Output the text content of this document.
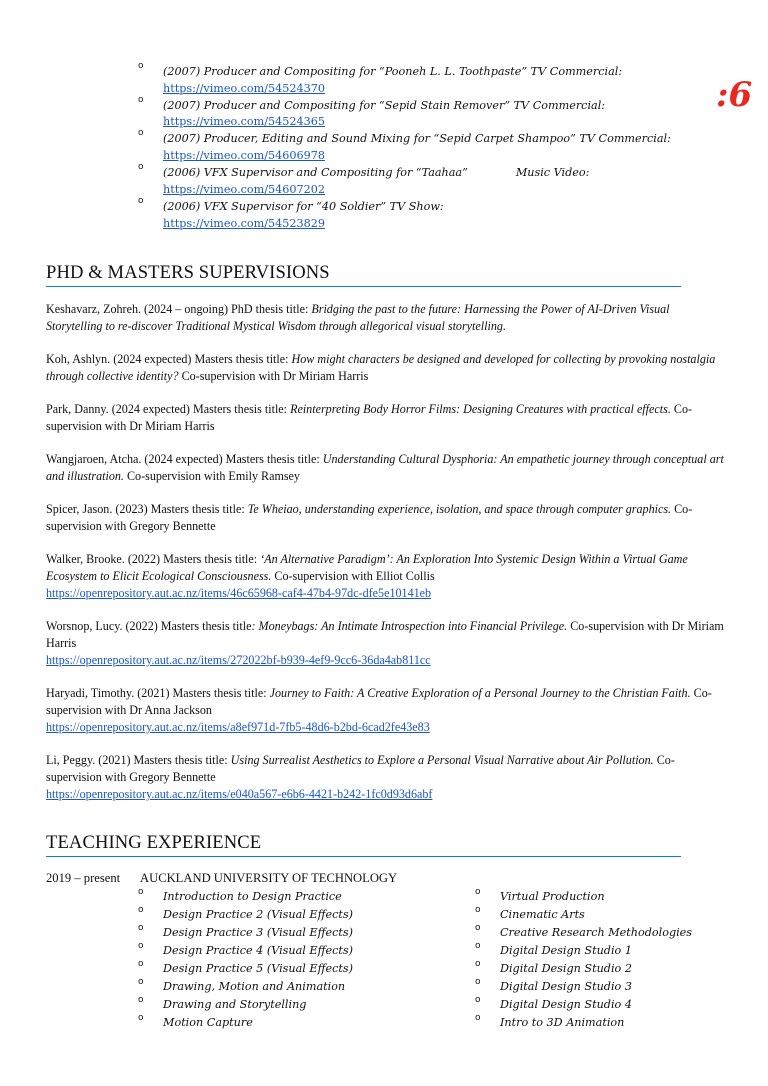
:6
o (2007) Producer and Compositing for “Pooneh L. L. Toothpaste” TV Commercial:
https://vimeo.com/54524370
o (2007) Producer and Compositing for “Sepid Stain Remover” TV Commercial:
https://vimeo.com/54524365
o (2007) Producer, Editing and Sound Mixing for “Sepid Carpet Shampoo” TV Commercial:
https://vimeo.com/54606978
o (2006) VFX Supervisor and Compositing for “Taahaa”	Music Video:
https://vimeo.com/54607202
o (2006) VFX Supervisor for “40 Soldier” TV Show:
https://vimeo.com/54523829
PHD & MASTERS SUPERVISIONS
Keshavarz, Zohreh. (2024 – ongoing) PhD thesis title: Bridging the past to the future: Harnessing the Power of AI-Driven Visual Storytelling to re-discover Traditional Mystical Wisdom through allegorical visual storytelling.
Koh, Ashlyn. (2024 expected) Masters thesis title: How might characters be designed and developed for collecting by provoking nostalgia through collective identity? Co-supervision with Dr Miriam Harris
Park, Danny. (2024 expected) Masters thesis title: Reinterpreting Body Horror Films: Designing Creatures with practical effects. Co-supervision with Dr Miriam Harris
Wangjaroen, Atcha. (2024 expected) Masters thesis title: Understanding Cultural Dysphoria: An empathetic journey through conceptual art and illustration. Co-supervision with Emily Ramsey
Spicer, Jason. (2023) Masters thesis title: Te Wheiao, understanding experience, isolation, and space through computer graphics. Co-supervision with Gregory Bennette
Walker, Brooke. (2022) Masters thesis title: ‘An Alternative Paradigm’: An Exploration Into Systemic Design Within a Virtual Game Ecosystem to Elicit Ecological Consciousness. Co-supervision with Elliot Collis
https://openrepository.aut.ac.nz/items/46c65968-caf4-47b4-97dc-dfe5e10141eb
Worsnop, Lucy. (2022) Masters thesis title: Moneybags: An Intimate Introspection into Financial Privilege. Co-supervision with Dr Miriam Harris
https://openrepository.aut.ac.nz/items/272022bf-b939-4ef9-9cc6-36da4ab811cc
Haryadi, Timothy. (2021) Masters thesis title: Journey to Faith: A Creative Exploration of a Personal Journey to the Christian Faith. Co-supervision with Dr Anna Jackson
https://openrepository.aut.ac.nz/items/a8ef971d-7fb5-48d6-b2bd-6cad2fe43e83
Li, Peggy. (2021) Masters thesis title: Using Surrealist Aesthetics to Explore a Personal Visual Narrative about Air Pollution. Co-supervision with Gregory Bennette
https://openrepository.aut.ac.nz/items/e040a567-e6b6-4421-b242-1fc0d93d6abf
TEACHING EXPERIENCE
2019 – present AUCKLAND UNIVERSITY OF TECHNOLOGY
o Introduction to Design Practice
o Design Practice 2 (Visual Effects)
o Design Practice 3 (Visual Effects)
o Design Practice 4 (Visual Effects)
o Design Practice 5 (Visual Effects)
o Drawing, Motion and Animation
o Drawing and Storytelling
o Motion Capture
o Virtual Production
o Cinematic Arts
o Creative Research Methodologies
o Digital Design Studio 1
o Digital Design Studio 2
o Digital Design Studio 3
o Digital Design Studio 4
o Intro to 3D Animation
